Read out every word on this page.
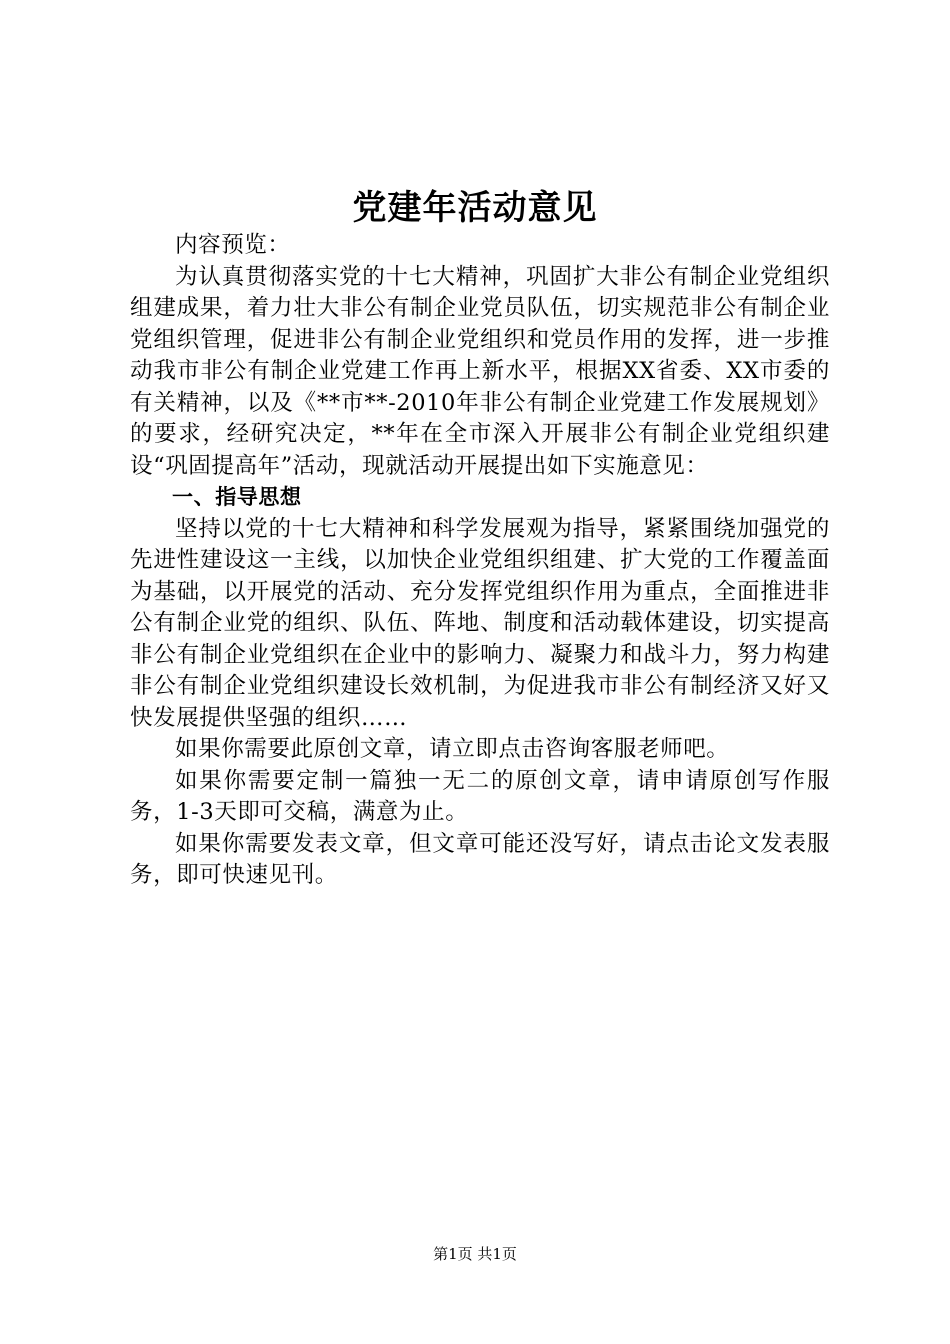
党建年活动意见

内容预览：

为认真贯彻落实党的十七大精神，巩固扩大非公有制企业党组织组建成果，着力壮大非公有制企业党员队伍，切实规范非公有制企业党组织管理，促进非公有制企业党组织和党员作用的发挥，进一步推动我市非公有制企业党建工作再上新水平，根据XX省委、XX市委的有关精神，以及《**市**-2010年非公有制企业党建工作发展规划》的要求，经研究决定，**年在全市深入开展非公有制企业党组织建设“巩固提高年”活动，现就活动开展提出如下实施意见：

一、指导思想

坚持以党的十七大精神和科学发展观为指导，紧紧围绕加强党的先进性建设这一主线，以加快企业党组织组建、扩大党的工作覆盖面为基础，以开展党的活动、充分发挥党组织作用为重点，全面推进非公有制企业党的组织、队伍、阵地、制度和活动载体建设，切实提高非公有制企业党组织在企业中的影响力、凝聚力和战斗力，努力构建非公有制企业党组织建设长效机制，为促进我市非公有制经济又好又快发展提供坚强的组织……

如果你需要此原创文章，请立即点击咨询客服老师吧。

如果你需要定制一篇独一无二的原创文章，请申请原创写作服务，1-3天即可交稿，满意为止。

如果你需要发表文章，但文章可能还没写好，请点击论文发表服务，即可快速见刊。

第1页 共1页
